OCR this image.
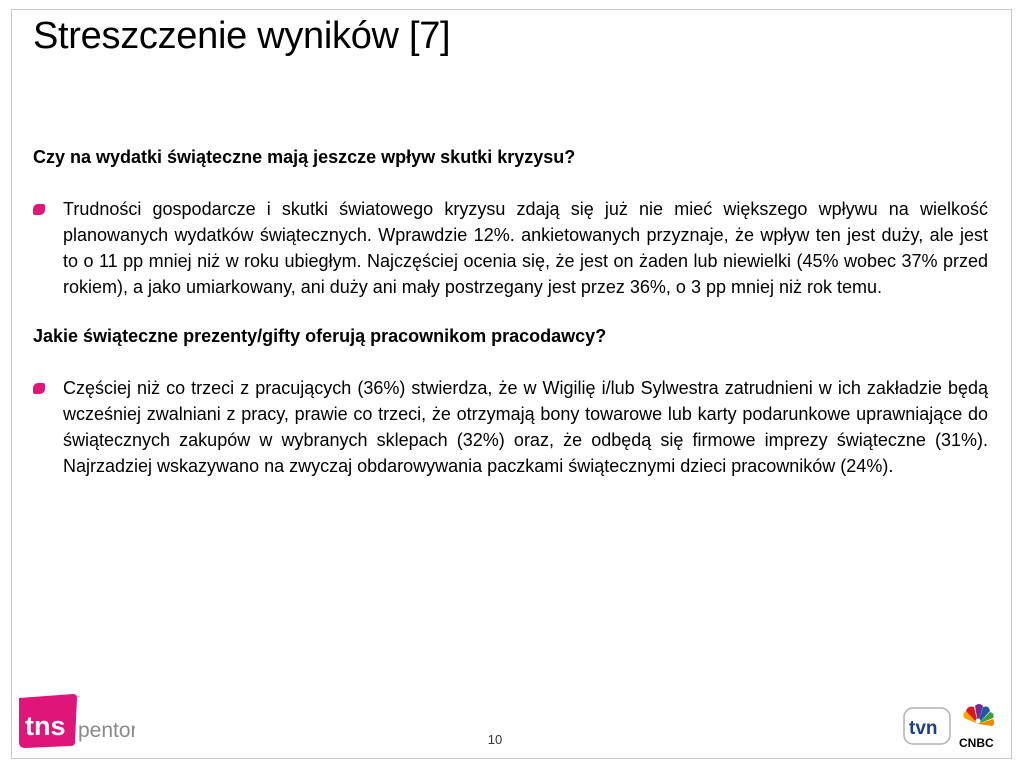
Streszczenie wyników [7]

Czy na wydatki świąteczne mają jeszcze wpływ skutki kryzysu?

Trudności gospodarcze i skutki światowego kryzysu zdają się już nie mieć większego wpływu na wielkość planowanych wydatków świątecznych. Wprawdzie 12%. ankietowanych przyznaje, że wpływ ten jest duży, ale jest to o 11 pp mniej niż w roku ubiegłym. Najczęściej ocenia się, że jest on żaden lub niewielki (45% wobec 37% przed rokiem), a jako umiarkowany, ani duży ani mały postrzegany jest przez 36%, o 3 pp mniej niż rok temu.

Jakie świąteczne prezenty/gifty oferują pracownikom pracodawcy?

Częściej niż co trzeci z pracujących (36%) stwierdza, że w Wigilię i/lub Sylwestra zatrudnieni w ich zakładzie będą wcześniej zwalniani z pracy, prawie co trzeci, że otrzymają bony towarowe lub karty podarunkowe uprawniające do świątecznych zakupów w wybranych sklepach (32%) oraz, że odbędą się firmowe imprezy świąteczne (31%). Najrzadziej wskazywano na zwyczaj obdarowywania paczkami świątecznymi dzieci pracowników (24%).
tns
™
pentor	10
tvn
CNBC
